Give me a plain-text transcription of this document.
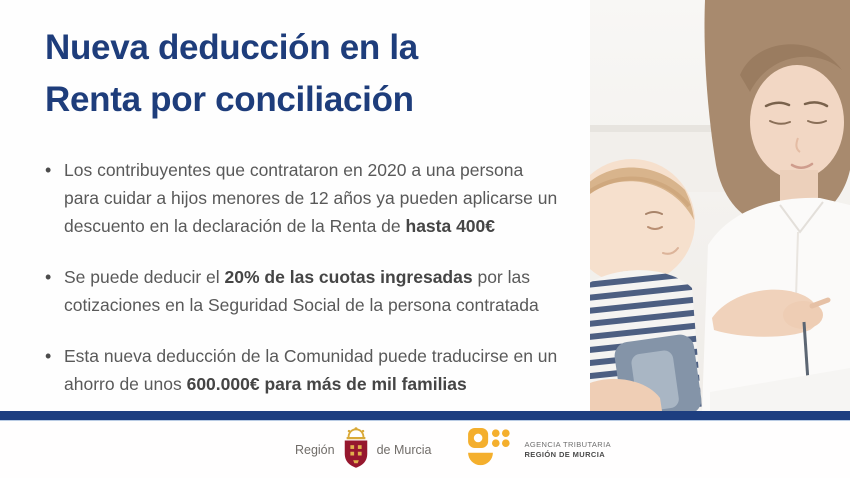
Nueva deducción en la
Renta por conciliación
• Los contribuyentes que contrataron en 2020 a una persona para cuidar a hijos menores de 12 años ya pueden aplicarse un descuento en la declaración de la Renta de hasta 400€
• Se puede deducir el 20% de las cuotas ingresadas por las cotizaciones en la Seguridad Social de la persona contratada
• Esta nueva deducción de la Comunidad puede traducirse en un ahorro de unos 600.000€ para más de mil familias
Región	de Murcia	AGENCIA TRIBUTARIA
REGIÓN DE MURCIA
